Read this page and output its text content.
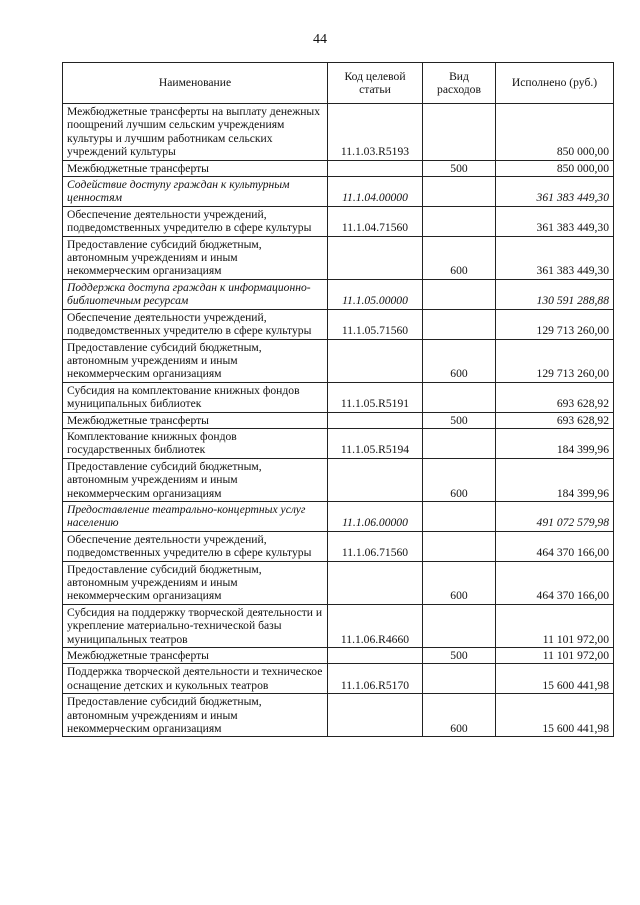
44
Наименование	Код целевой статьи	Вид расходов	Исполнено (руб.)
Межбюджетные трансферты на выплату денежных поощрений лучшим сельским учреждениям культуры и лучшим работникам сельских учреждений культуры	11.1.03.R5193		850 000,00
Межбюджетные трансферты		500	850 000,00
Содействие доступу граждан к культурным ценностям	11.1.04.00000		361 383 449,30
Обеспечение деятельности учреждений, подведомственных учредителю в сфере культуры	11.1.04.71560		361 383 449,30
Предоставление субсидий бюджетным, автономным учреждениям и иным некоммерческим организациям		600	361 383 449,30
Поддержка доступа граждан к информационно-библиотечным ресурсам	11.1.05.00000		130 591 288,88
Обеспечение деятельности учреждений, подведомственных учредителю в сфере культуры	11.1.05.71560		129 713 260,00
Предоставление субсидий бюджетным, автономным учреждениям и иным некоммерческим организациям		600	129 713 260,00
Субсидия на комплектование книжных фондов муниципальных библиотек	11.1.05.R5191		693 628,92
Межбюджетные трансферты		500	693 628,92
Комплектование книжных фондов государственных библиотек	11.1.05.R5194		184 399,96
Предоставление субсидий бюджетным, автономным учреждениям и иным некоммерческим организациям		600	184 399,96
Предоставление театрально-концертных услуг населению	11.1.06.00000		491 072 579,98
Обеспечение деятельности учреждений, подведомственных учредителю в сфере культуры	11.1.06.71560		464 370 166,00
Предоставление субсидий бюджетным, автономным учреждениям и иным некоммерческим организациям		600	464 370 166,00
Субсидия на поддержку творческой деятельности и укрепление материально-технической базы муниципальных театров	11.1.06.R4660		11 101 972,00
Межбюджетные трансферты		500	11 101 972,00
Поддержка творческой деятельности и техническое оснащение детских и кукольных театров	11.1.06.R5170		15 600 441,98
Предоставление субсидий бюджетным, автономным учреждениям и иным некоммерческим организациям		600	15 600 441,98
